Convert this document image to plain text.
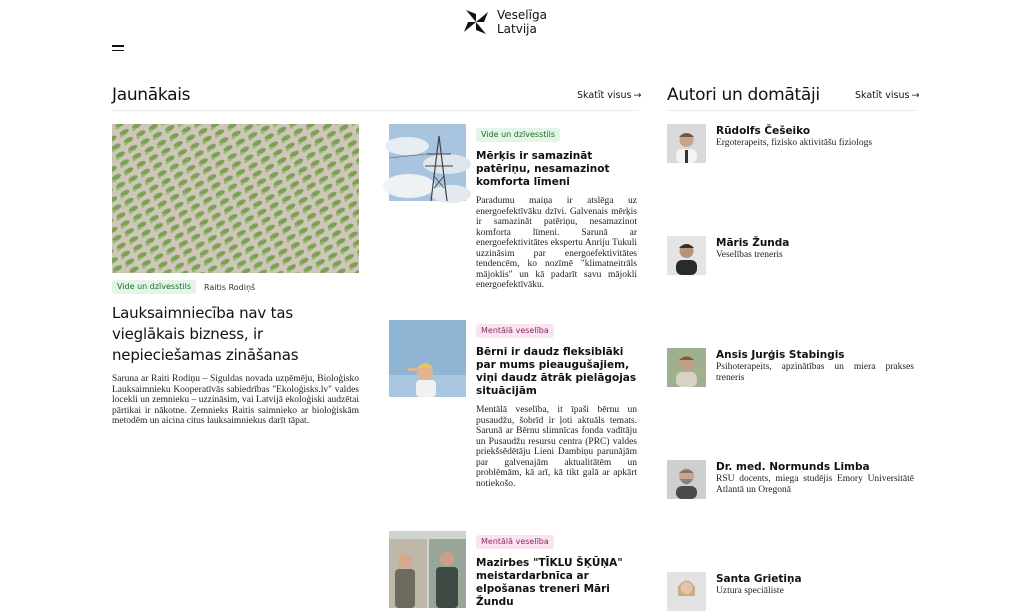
Veselīga
Latvija
Jaunākais	Skatīt visus → Autori un domātāji	Skatīt visus →
Vide un dzīvesstils	Raitis Rodiņš
Lauksaimniecība nav tas vieglākais bizness, ir nepieciešamas zināšanas
Saruna ar Raiti Rodiņu – Siguldas novada uzņēmēju, Bioloģisko Lauksaimnieku Kooperatīvās sabiedrības "Ekoloģisks.lv" valdes locekli un zemnieku – uzzināsim, vai Latvijā ekoloģiski audzētai pārtikai ir nākotne. Zemnieks Raitis saimnieko ar bioloģiskām metodēm un aicina citus lauksaimniekus darīt tāpat.
Vide un dzīvesstils
Mērķis ir samazināt patēriņu, nesamazinot komforta līmeni
Paradumu maiņa ir atslēga uz energoefektīvāku dzīvi. Galvenais mērķis ir samazināt patēriņu, nesamazinot komforta līmeni. Sarunā ar energoefektivitātes ekspertu Anriju Tukuli uzzināsim par energoefektivitātes tendencēm, ko nozīmē "klimatneitrāls mājoklis" un kā padarīt savu mājokli energoefektīvāku.
Mentālā veselība
Bērni ir daudz fleksiblāki par mums pieaugušajiem, viņi daudz ātrāk pielāgojas situācijām
Mentālā veselība, it īpaši bērnu un pusaudžu, šobrīd ir ļoti aktuāls temats. Sarunā ar Bērnu slimnīcas fonda vadītāju un Pusaudžu resursu centra (PRC) valdes priekšsēdētāju Lieni Dambiņu parunājām par galvenajām aktualitātēm un problēmām, kā arī, kā tikt galā ar apkārt notiekošo.
Mentālā veselība
Mazirbes "TĪKLU ŠĶŪŅA" meistardarbnīca ar elpošanas treneri Māri Žundu
Rūdolfs Češeiko
Ergoterapeits, fizisko aktivitāšu fiziologs
Māris Žunda
Veselības treneris
Ansis Jurģis Stabingis
Psihoterapeits, apzinātības un miera prakses treneris
Dr. med. Normunds Limba
RSU docents, miega studējis Emory Universitātē Atlantā un Oregonā
Santa Grietiņa
Uztura speciāliste
